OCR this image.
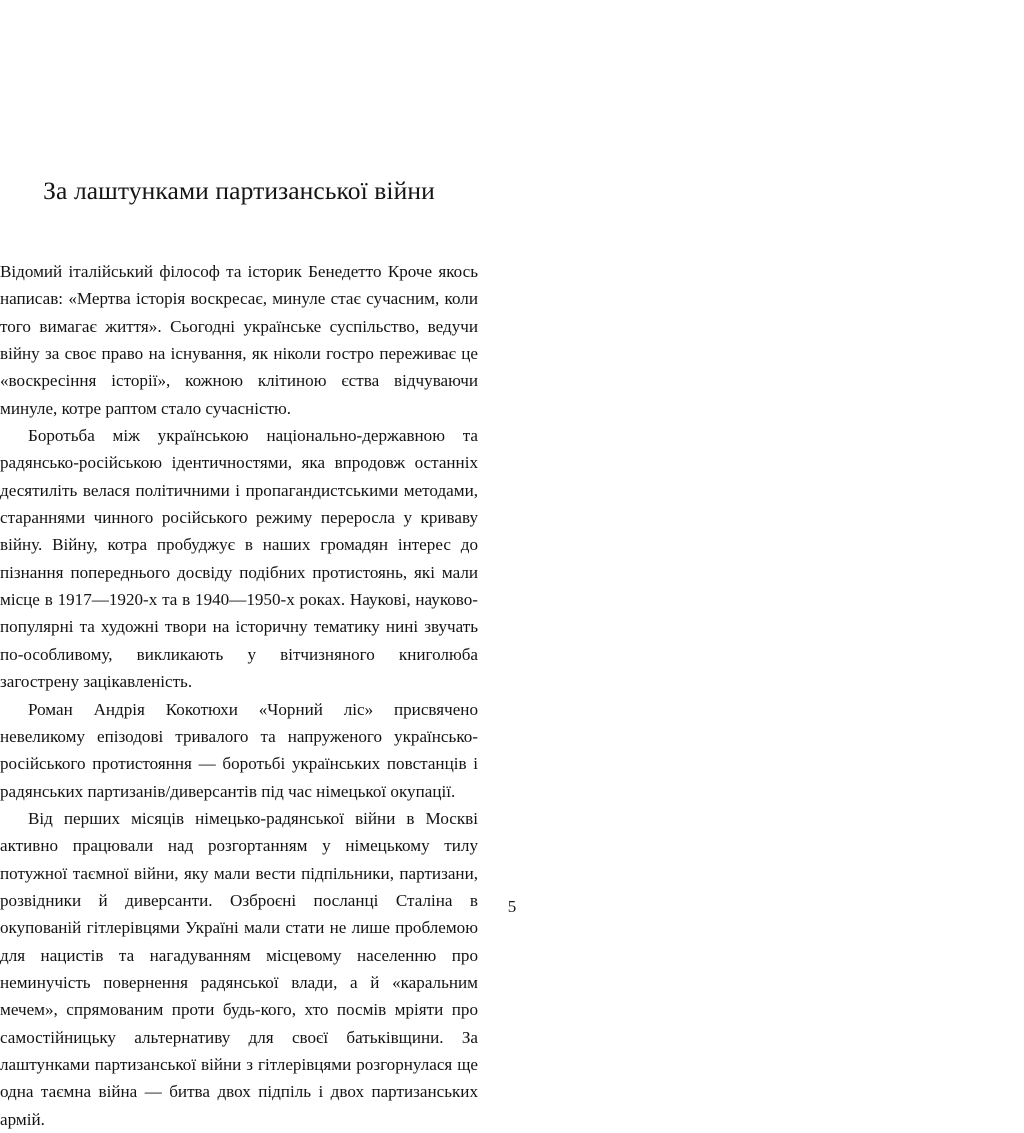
За лаштунками партизанської війни

Відомий італійський філософ та історик Бенедетто Кроче якось написав: «Мертва історія воскресає, минуле стає сучасним, коли того вимагає життя». Сьогодні українське суспільство, ведучи війну за своє право на існування, як ніколи гостро переживає це «воскресіння історії», кожною клітиною єства відчуваючи минуле, котре раптом стало сучасністю.

Боротьба між українською національно-державною та радянсько-російською ідентичностями, яка впродовж останніх десятиліть велася політичними і пропагандистськими методами, стараннями чинного російського режиму переросла у криваву війну. Війну, котра пробуджує в наших громадян інтерес до пізнання попереднього досвіду подібних протистоянь, які мали місце в 1917—1920-х та в 1940—1950-х роках. Наукові, науково-популярні та художні твори на історичну тематику нині звучать по-особливому, викликають у вітчизняного книголюба загострену зацікавленість.

Роман Андрія Кокотюхи «Чорний ліс» присвячено невеликому епізодові тривалого та напруженого українсько-російського протистояння — боротьбі українських повстанців і радянських партизанів/диверсантів під час німецької окупації.

Від перших місяців німецько-радянської війни в Москві активно працювали над розгортанням у німецькому тилу потужної таємної війни, яку мали вести підпільники, партизани, розвідники й диверсанти. Озброєні посланці Сталіна в окупованій гітлерівцями Україні мали стати не лише проблемою для нацистів та нагадуванням місцевому населенню про неминучість повернення радянської влади, а й «каральним мечем», спрямованим проти будь-кого, хто посмів мріяти про самостійницьку альтернативу для своєї батьківщини. За лаштунками партизанської війни з гітлерівцями розгорнулася ще одна таємна війна — битва двох підпіль і двох партизанських армій.

5
